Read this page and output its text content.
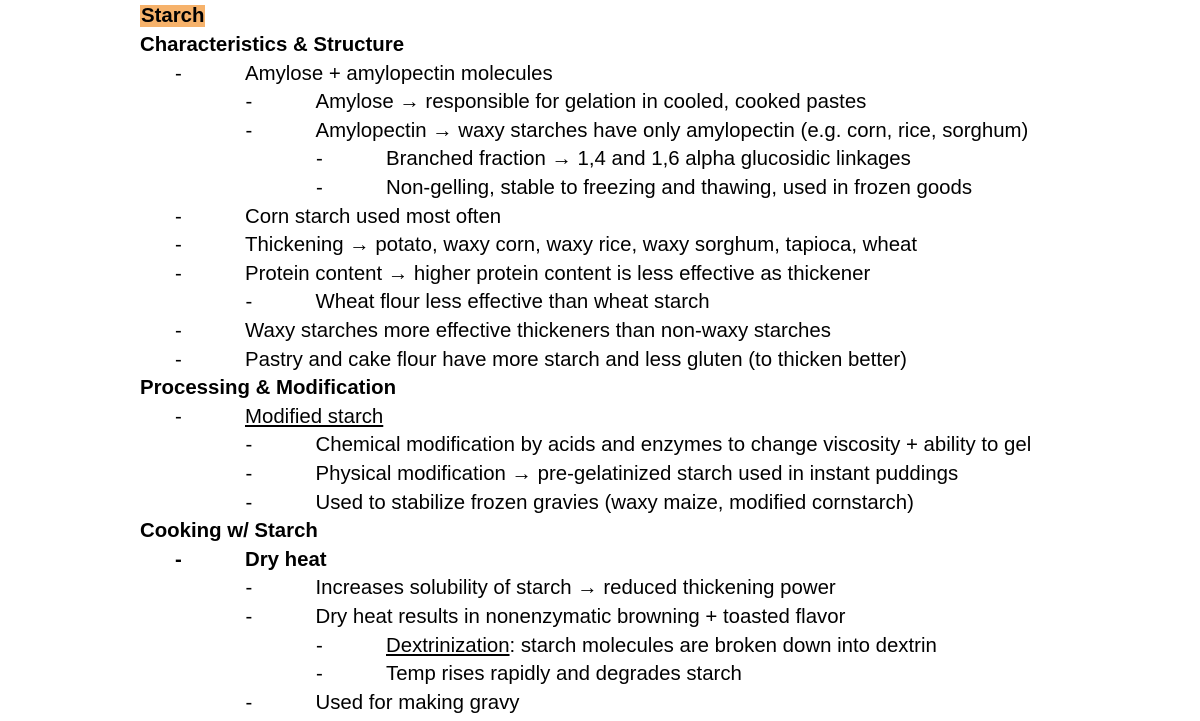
Starch
Characteristics & Structure
-	Amylose + amylopectin molecules
-	Amylose → responsible for gelation in cooled, cooked pastes
-	Amylopectin → waxy starches have only amylopectin (e.g. corn, rice, sorghum)
-	Branched fraction → 1,4 and 1,6 alpha glucosidic linkages
-	Non-gelling, stable to freezing and thawing, used in frozen goods
-	Corn starch used most often
-	Thickening → potato, waxy corn, waxy rice, waxy sorghum, tapioca, wheat
-	Protein content → higher protein content is less effective as thickener
-	Wheat flour less effective than wheat starch
-	Waxy starches more effective thickeners than non-waxy starches
-	Pastry and cake flour have more starch and less gluten (to thicken better)
Processing & Modification
-	Modified starch
-	Chemical modification by acids and enzymes to change viscosity + ability to gel
-	Physical modification → pre-gelatinized starch used in instant puddings
-	Used to stabilize frozen gravies (waxy maize, modified cornstarch)
Cooking w/ Starch
-	Dry heat
-	Increases solubility of starch → reduced thickening power
-	Dry heat results in nonenzymatic browning + toasted flavor
-	Dextrinization: starch molecules are broken down into dextrin
-	Temp rises rapidly and degrades starch
-	Used for making gravy
